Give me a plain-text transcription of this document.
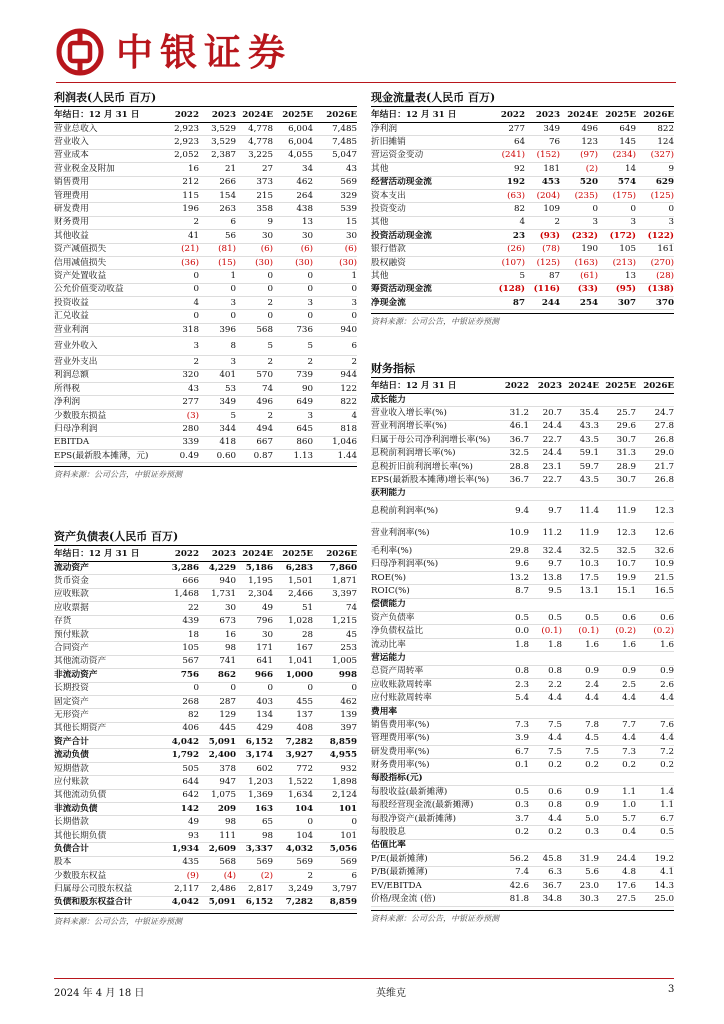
中银证券
利润表(人民币 百万)
年结日：12 月 31 日	2022	2023	2024E	2025E	2026E
营业总收入	2,923	3,529	4,778	6,004	7,485
营业收入	2,923	3,529	4,778	6,004	7,485
营业成本	2,052	2,387	3,225	4,055	5,047
营业税金及附加	16	21	27	34	43
销售费用	212	266	373	462	569
管理费用	115	154	215	264	329
研发费用	196	263	358	438	539
财务费用	2	6	9	13	15
其他收益	41	56	30	30	30
资产减值损失	(21)	(81)	(6)	(6)	(6)
信用减值损失	(36)	(15)	(30)	(30)	(30)
资产处置收益	0	1	0	0	1
公允价值变动收益	0	0	0	0	0
投资收益	4	3	2	3	3
汇兑收益	0	0	0	0	0
营业利润	318	396	568	736	940
营业外收入	3	8	5	5	6
营业外支出	2	3	2	2	2
利润总额	320	401	570	739	944
所得税	43	53	74	90	122
净利润	277	349	496	649	822
少数股东损益	(3)	5	2	3	4
归母净利润	280	344	494	645	818
EBITDA	339	418	667	860	1,046
EPS(最新股本摊薄，元)	0.49	0.60	0.87	1.13	1.44
资料来源：公司公告，中银证券预测
资产负债表(人民币 百万)
年结日：12 月 31 日	2022	2023	2024E	2025E	2026E
流动资产	3,286	4,229	5,186	6,283	7,860
货币资金	666	940	1,195	1,501	1,871
应收账款	1,468	1,731	2,304	2,466	3,397
应收票据	22	30	49	51	74
存货	439	673	796	1,028	1,215
预付账款	18	16	30	28	45
合同资产	105	98	171	167	253
其他流动资产	567	741	641	1,041	1,005
非流动资产	756	862	966	1,000	998
长期投资	0	0	0	0	0
固定资产	268	287	403	455	462
无形资产	82	129	134	137	139
其他长期资产	406	445	429	408	397
资产合计	4,042	5,091	6,152	7,282	8,859
流动负债	1,792	2,400	3,174	3,927	4,955
短期借款	505	378	602	772	932
应付账款	644	947	1,203	1,522	1,898
其他流动负债	642	1,075	1,369	1,634	2,124
非流动负债	142	209	163	104	101
长期借款	49	98	65	0	0
其他长期负债	93	111	98	104	101
负债合计	1,934	2,609	3,337	4,032	5,056
股本	435	568	569	569	569
少数股东权益	(9)	(4)	(2)	2	6
归属母公司股东权益	2,117	2,486	2,817	3,249	3,797
负债和股东权益合计	4,042	5,091	6,152	7,282	8,859
资料来源：公司公告，中银证券预测
现金流量表(人民币 百万)
年结日：12 月 31 日	2022	2023	2024E	2025E	2026E
净利润	277	349	496	649	822
折旧摊销	64	76	123	145	124
营运资金变动	(241)	(152)	(97)	(234)	(327)
其他	92	181	(2)	14	9
经营活动现金流	192	453	520	574	629
资本支出	(63)	(204)	(235)	(175)	(125)
投资变动	82	109	0	0	0
其他	4	2	3	3	3
投资活动现金流	23	(93)	(232)	(172)	(122)
银行借款	(26)	(78)	190	105	161
股权融资	(107)	(125)	(163)	(213)	(270)
其他	5	87	(61)	13	(28)
筹资活动现金流	(128)	(116)	(33)	(95)	(138)
净现金流	87	244	254	307	370
资料来源：公司公告，中银证券预测
财务指标
年结日：12 月 31 日	2022	2023	2024E	2025E	2026E
成长能力					
营业收入增长率(%)	31.2	20.7	35.4	25.7	24.7
营业利润增长率(%)	46.1	24.4	43.3	29.6	27.8
归属于母公司净利润增长率(%)	36.7	22.7	43.5	30.7	26.8
息税前利润增长率(%)	32.5	24.4	59.1	31.3	29.0
息税折旧前利润增长率(%)	28.8	23.1	59.7	28.9	21.7
EPS(最新股本摊薄)增长率(%)	36.7	22.7	43.5	30.7	26.8
获利能力					
息税前利润率(%)	9.4	9.7	11.4	11.9	12.3
营业利润率(%)	10.9	11.2	11.9	12.3	12.6
毛利率(%)	29.8	32.4	32.5	32.5	32.6
归母净利润率(%)	9.6	9.7	10.3	10.7	10.9
ROE(%)	13.2	13.8	17.5	19.9	21.5
ROIC(%)	8.7	9.5	13.1	15.1	16.5
偿债能力					
资产负债率	0.5	0.5	0.5	0.6	0.6
净负债权益比	0.0	(0.1)	(0.1)	(0.2)	(0.2)
流动比率	1.8	1.8	1.6	1.6	1.6
营运能力					
总资产周转率	0.8	0.8	0.9	0.9	0.9
应收账款周转率	2.3	2.2	2.4	2.5	2.6
应付账款周转率	5.4	4.4	4.4	4.4	4.4
费用率					
销售费用率(%)	7.3	7.5	7.8	7.7	7.6
管理费用率(%)	3.9	4.4	4.5	4.4	4.4
研发费用率(%)	6.7	7.5	7.5	7.3	7.2
财务费用率(%)	0.1	0.2	0.2	0.2	0.2
每股指标(元)					
每股收益(最新摊薄)	0.5	0.6	0.9	1.1	1.4
每股经营现金流(最新摊薄)	0.3	0.8	0.9	1.0	1.1
每股净资产(最新摊薄)	3.7	4.4	5.0	5.7	6.7
每股股息	0.2	0.2	0.3	0.4	0.5
估值比率					
P/E(最新摊薄)	56.2	45.8	31.9	24.4	19.2
P/B(最新摊薄)	7.4	6.3	5.6	4.8	4.1
EV/EBITDA	42.6	36.7	23.0	17.6	14.3
价格/现金流 (倍)	81.8	34.8	30.3	27.5	25.0
资料来源：公司公告，中银证券预测
2024 年 4 月 18 日	英维克	3
